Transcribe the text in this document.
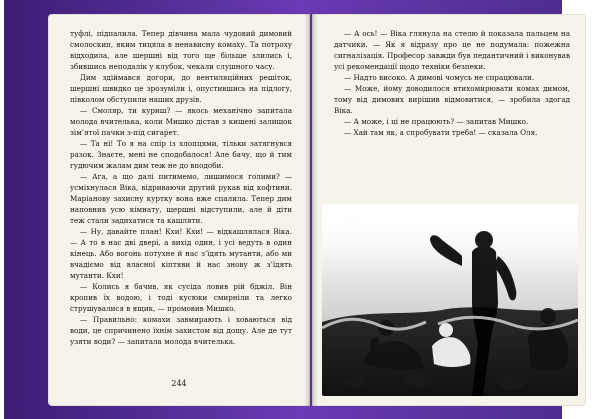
туфлі, підпалила. Тепер дівчина мала чудовий димовий смолоскип, яким тицяла в ненависну комаху. Та потроху відходила, але шершні від того ще більше злились і, збившись неподалік у клубок, чекали слушного часу.

Дим здіймався догори, до вентиляційних решіток, шершні швидко це зрозуміли і, опустившись на підлогу, півколом обступили наших друзів.

— Смоляр, ти куриш? — якось механічно запитала молода вчителька, коли Мишко дістав з кишені залишок зім’ятої пачки з-під сигарет.

— Та ні! То я на спір із хлопцями, тільки затягнувся разок. Знаєте, мені не сподобалося! Але бачу, що й тим гудючим жалам дим теж не до вподоби.

— Ага, а що далі питимемо, лишимося голими? — усміхнулася Віка, відриваючи другий рукав від кофтини. Маріанову захисну куртку вона вже спалила. Тепер дим наповнив усю кімнату, шершні відступили, але й діти теж стали задихатися та кашляти.

— Ну, давайте план! Кхи! Кхи! — відкашлялася Віка. — А то в нас дві двері, а вихід один, і усі ведуть в один кінець. Або вогонь потухне й нас з’їдять мутанти, або ми вчадіємо від власної кіптяви й нас знову ж з’їдять мутанти. Кхи!

— Колись я бачив, як сусіда ловив рій бджіл. Він кропив їх водою, і тоді кусюки смирніли та легко струшувалися в ящик, — промовив Мишко.

— Правильно: комахи завмирають і ховаються від води, це спричинено їхнім захистом від дощу. Але де тут узяти води? — запитала молода вчителька.

244

— А ось! — Віка глянула на стелю й показала пальцем на датчики. — Як я відразу про це не подумала: пожежна сигналізація. Професор завжди був педантичний і виконував усі рекомендації щодо техніки безпеки.

— Надто високо. А димові чомусь не спрацювали.

— Може, йому доводилося втихомирювати комах димом, тому від димових вирішив відмовитися, — зробила здогад Віка.

— А може, і ці не працюють? — запитав Мишко.

— Хай там як, а спробувати треба! — сказала Оля.
